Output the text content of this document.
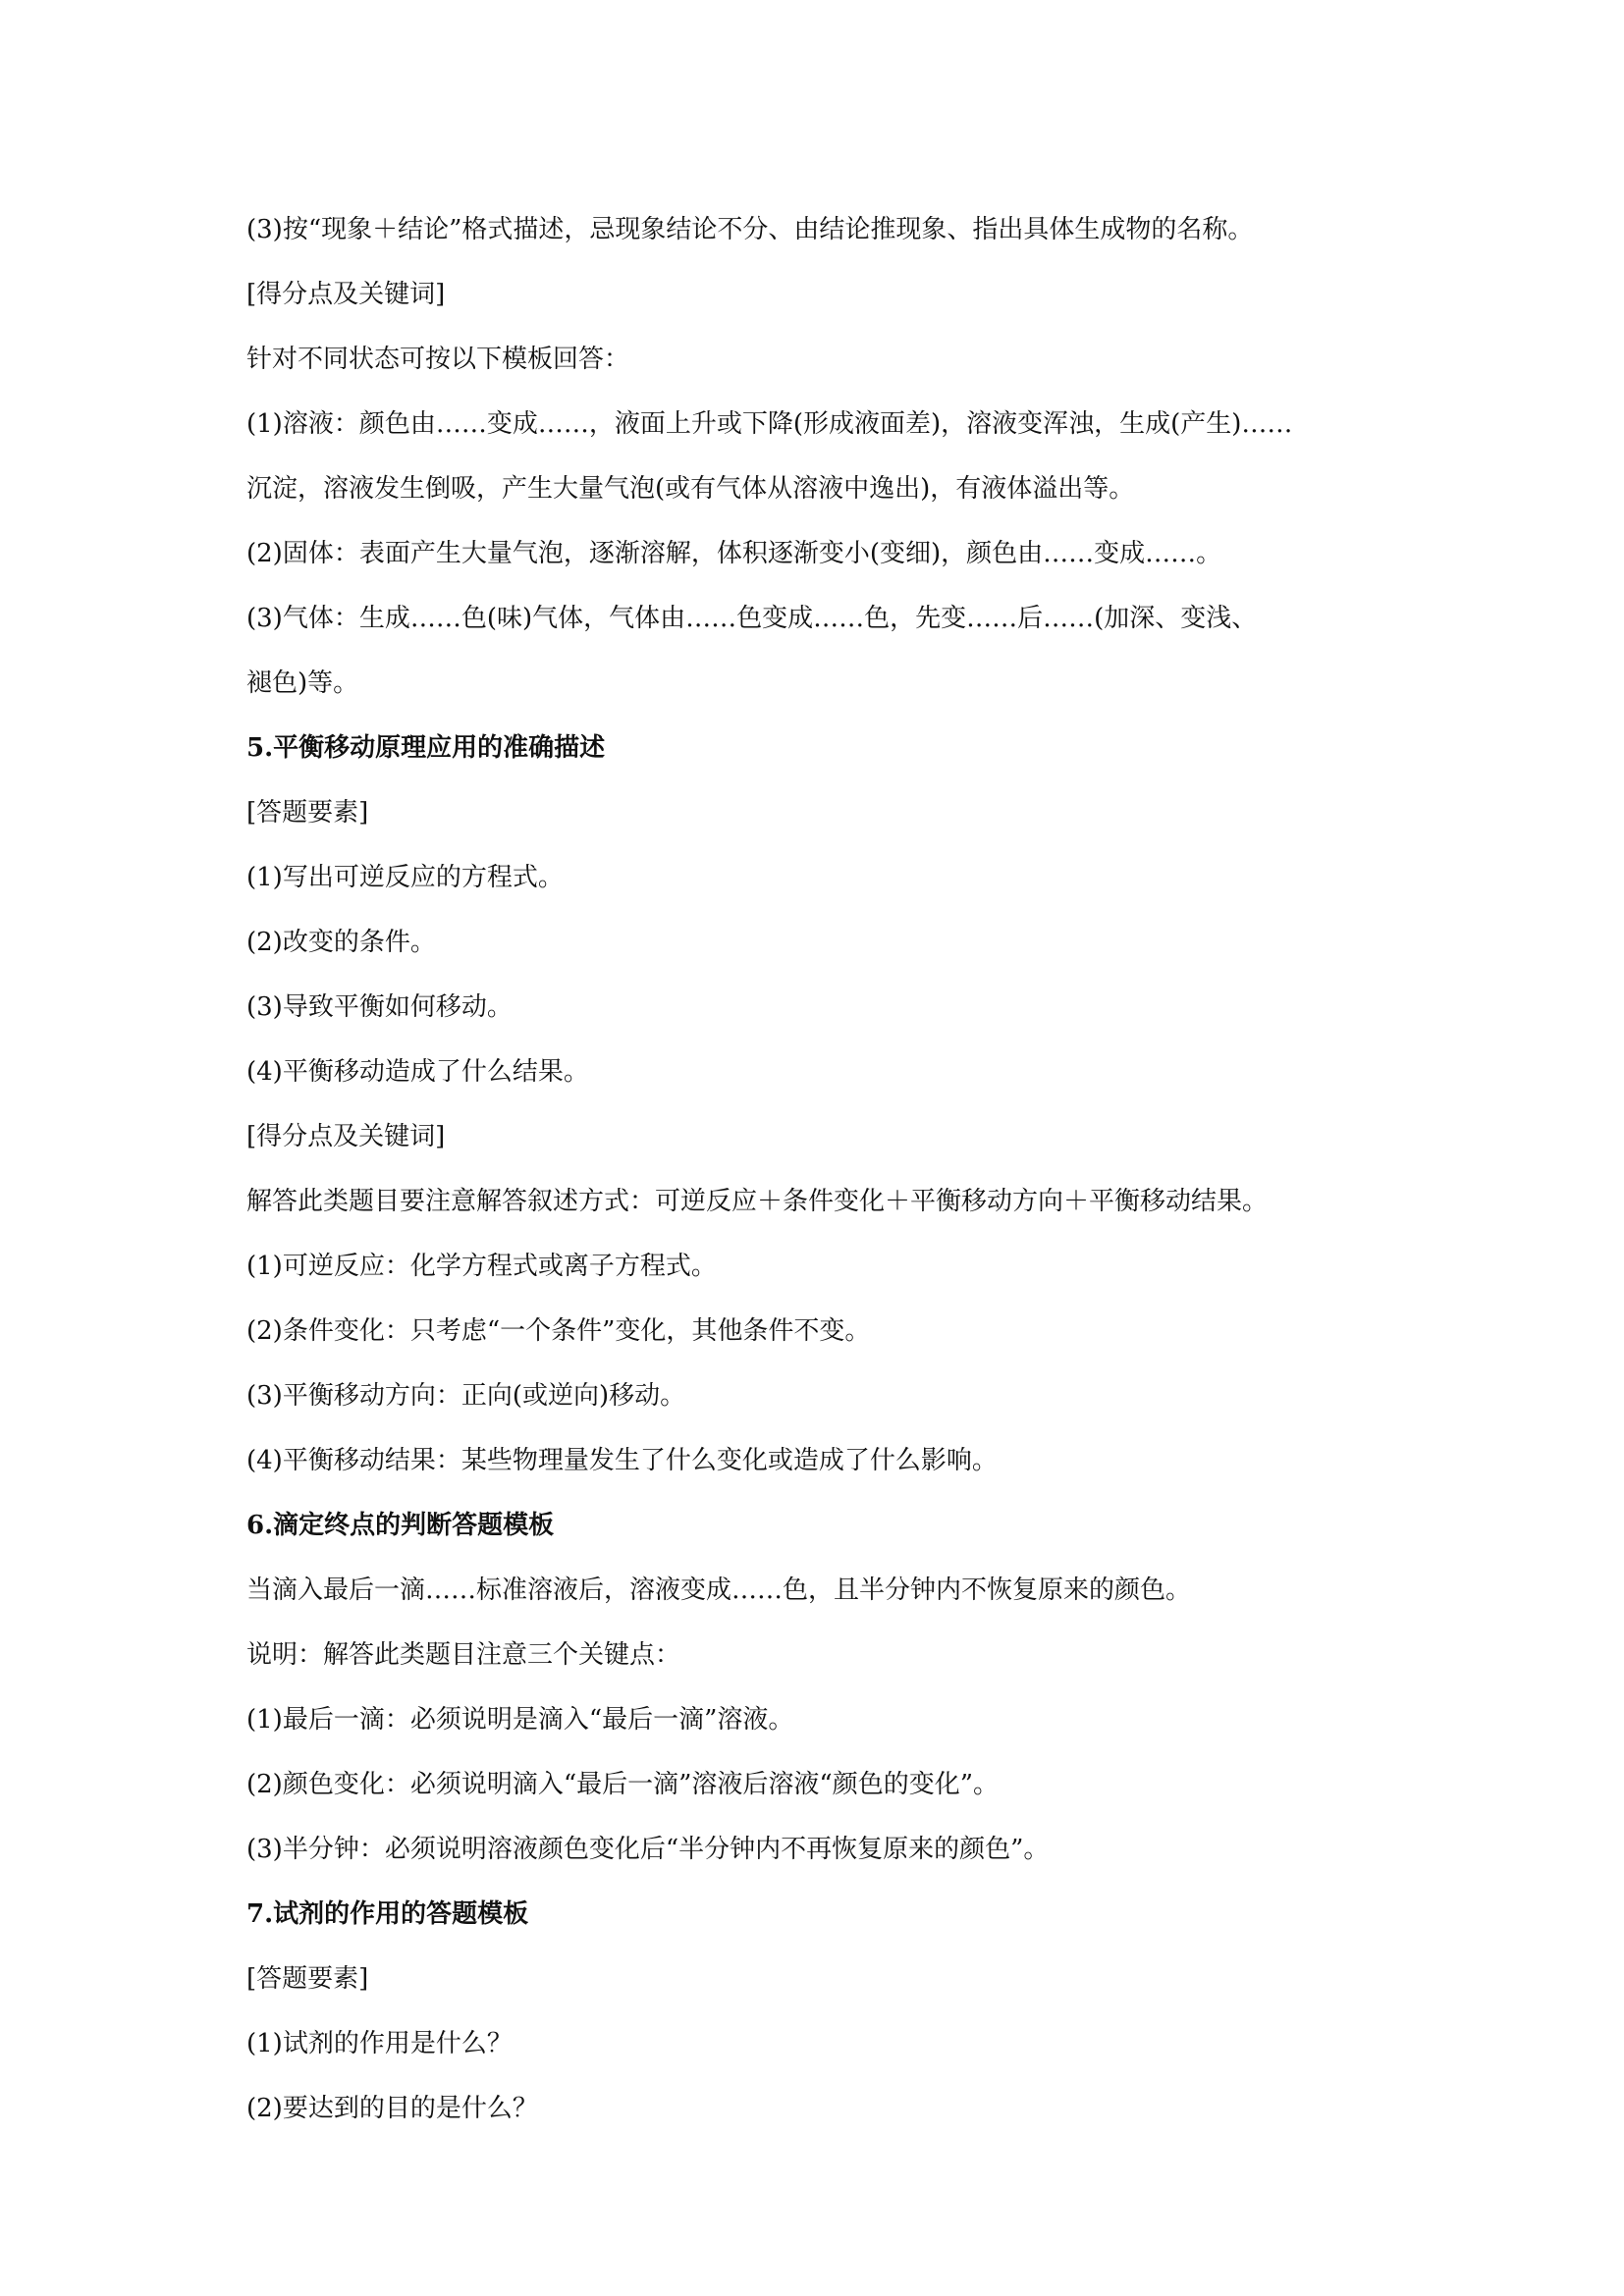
(3)按“现象＋结论”格式描述，忌现象结论不分、由结论推现象、指出具体生成物的名称。
[得分点及关键词]
针对不同状态可按以下模板回答：
(1)溶液：颜色由……变成……，液面上升或下降(形成液面差)，溶液变浑浊，生成(产生)……
沉淀，溶液发生倒吸，产生大量气泡(或有气体从溶液中逸出)，有液体溢出等。
(2)固体：表面产生大量气泡，逐渐溶解，体积逐渐变小(变细)，颜色由……变成……。
(3)气体：生成……色(味)气体，气体由……色变成……色，先变……后……(加深、变浅、
褪色)等。
5.平衡移动原理应用的准确描述
[答题要素]
(1)写出可逆反应的方程式。
(2)改变的条件。
(3)导致平衡如何移动。
(4)平衡移动造成了什么结果。
[得分点及关键词]
解答此类题目要注意解答叙述方式：可逆反应＋条件变化＋平衡移动方向＋平衡移动结果。
(1)可逆反应：化学方程式或离子方程式。
(2)条件变化：只考虑“一个条件”变化，其他条件不变。
(3)平衡移动方向：正向(或逆向)移动。
(4)平衡移动结果：某些物理量发生了什么变化或造成了什么影响。
6.滴定终点的判断答题模板
当滴入最后一滴……标准溶液后，溶液变成……色，且半分钟内不恢复原来的颜色。
说明：解答此类题目注意三个关键点：
(1)最后一滴：必须说明是滴入“最后一滴”溶液。
(2)颜色变化：必须说明滴入“最后一滴”溶液后溶液“颜色的变化”。
(3)半分钟：必须说明溶液颜色变化后“半分钟内不再恢复原来的颜色”。
7.试剂的作用的答题模板
[答题要素]
(1)试剂的作用是什么？
(2)要达到的目的是什么？
